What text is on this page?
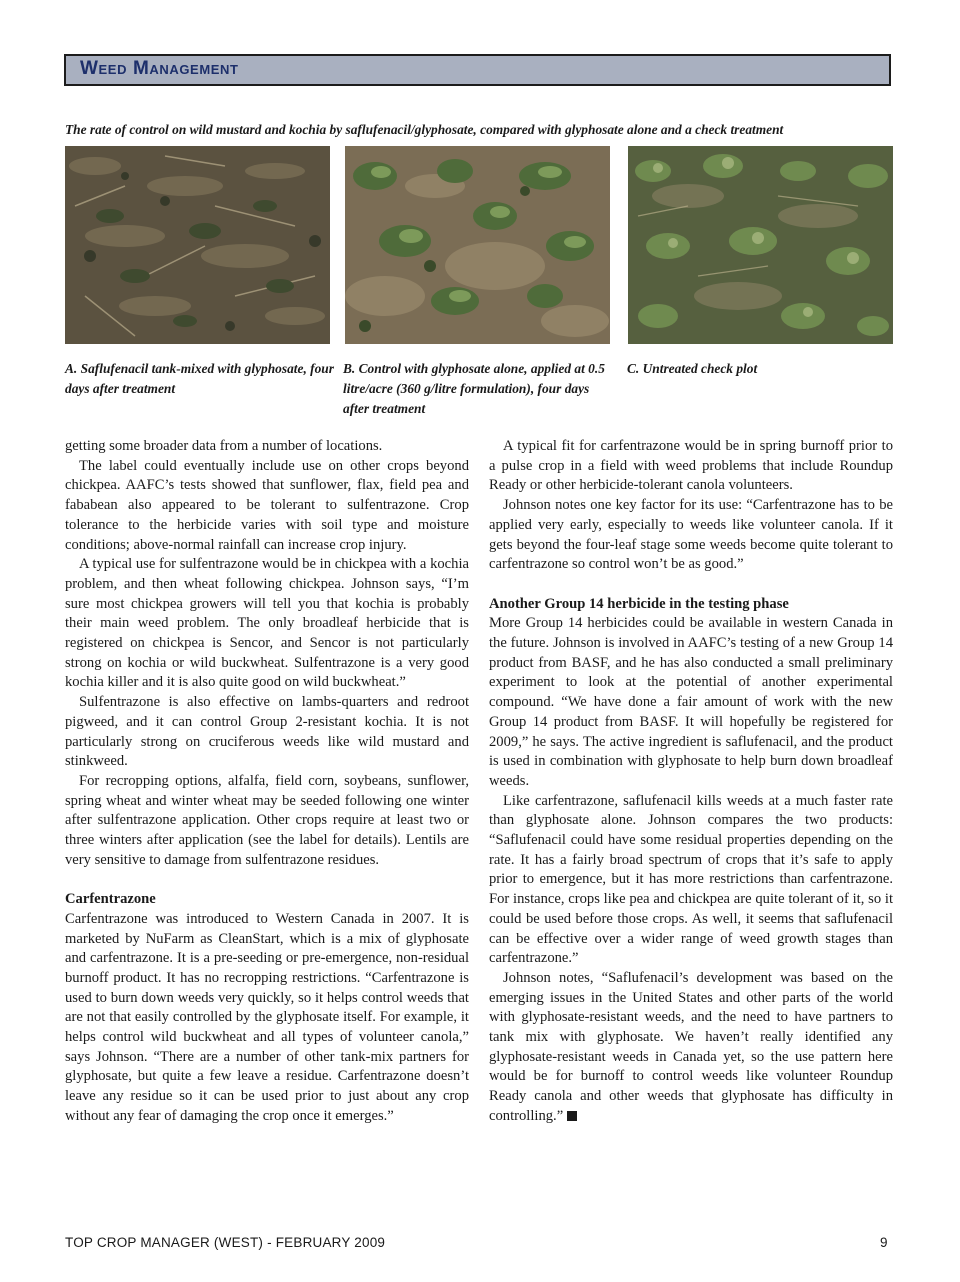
Weed Management
The rate of control on wild mustard and kochia by saflufenacil/glyphosate, compared with glyphosate alone and a check treatment
A. Saflufenacil tank-mixed with glyphosate, four days after treatment
B. Control with glyphosate alone, applied at 0.5 litre/acre (360 g/litre formulation), four days after treatment
C. Untreated check plot

getting some broader data from a number of locations.

The label could eventually include use on other crops beyond chickpea. AAFC’s tests showed that sunflower, flax, field pea and fababean also appeared to be tolerant to sulfentrazone. Crop tolerance to the herbicide varies with soil type and moisture conditions; above-normal rainfall can increase crop injury.

A typical use for sulfentrazone would be in chickpea with a kochia problem, and then wheat following chickpea. Johnson says, “I’m sure most chickpea growers will tell you that kochia is probably their main weed problem. The only broadleaf herbicide that is registered on chickpea is Sencor, and Sencor is not particularly strong on kochia or wild buckwheat. Sulfentrazone is a very good kochia killer and it is also quite good on wild buckwheat.”

Sulfentrazone is also effective on lambs-quarters and redroot pigweed, and it can control Group 2-resistant kochia. It is not particularly strong on cruciferous weeds like wild mustard and stinkweed.

For recropping options, alfalfa, field corn, soybeans, sunflower, spring wheat and winter wheat may be seeded following one winter after sulfentrazone application. Other crops require at least two or three winters after application (see the label for details). Lentils are very sensitive to damage from sulfentrazone residues.

Carfentrazone

Carfentrazone was introduced to Western Canada in 2007. It is marketed by NuFarm as CleanStart, which is a mix of glyphosate and carfentrazone. It is a pre-seeding or pre-emergence, non-residual burnoff product. It has no recropping restrictions. “Carfentrazone is used to burn down weeds very quickly, so it helps control weeds that are not that easily controlled by the glyphosate itself. For example, it helps control wild buckwheat and all types of volunteer canola,” says Johnson. “There are a number of other tank-mix partners for glyphosate, but quite a few leave a residue. Carfentrazone doesn’t leave any residue so it can be used prior to just about any crop without any fear of damaging the crop once it emerges.”

A typical fit for carfentrazone would be in spring burnoff prior to a pulse crop in a field with weed problems that include Roundup Ready or other herbicide-tolerant canola volunteers.

Johnson notes one key factor for its use: “Carfentrazone has to be applied very early, especially to weeds like volunteer canola. If it gets beyond the four-leaf stage some weeds become quite tolerant to carfentrazone so control won’t be as good.”

Another Group 14 herbicide in the testing phase

More Group 14 herbicides could be available in western Canada in the future. Johnson is involved in AAFC’s testing of a new Group 14 product from BASF, and he has also conducted a small preliminary experiment to look at the potential of another experimental compound. “We have done a fair amount of work with the new Group 14 product from BASF. It will hopefully be registered for 2009,” he says. The active ingredient is saflufenacil, and the product is used in combination with glyphosate to help burn down broadleaf weeds.

Like carfentrazone, saflufenacil kills weeds at a much faster rate than glyphosate alone. Johnson compares the two products: “Saflufenacil could have some residual properties depending on the rate. It has a fairly broad spectrum of crops that it’s safe to apply prior to emergence, but it has more restrictions than carfentrazone. For instance, crops like pea and chickpea are quite tolerant of it, so it could be used before those crops. As well, it seems that saflufenacil can be effective over a wider range of weed growth stages than carfentrazone.”

Johnson notes, “Saflufenacil’s development was based on the emerging issues in the United States and other parts of the world with glyphosate-resistant weeds, and the need to have partners to tank mix with glyphosate. We haven’t really identified any glyphosate-resistant weeds in Canada yet, so the use pattern here would be for burnoff to control weeds like volunteer Roundup Ready canola and other weeds that glyphosate has difficulty in controlling.”

TOP CROP MANAGER (WEST) - FEBRUARY 2009	9
